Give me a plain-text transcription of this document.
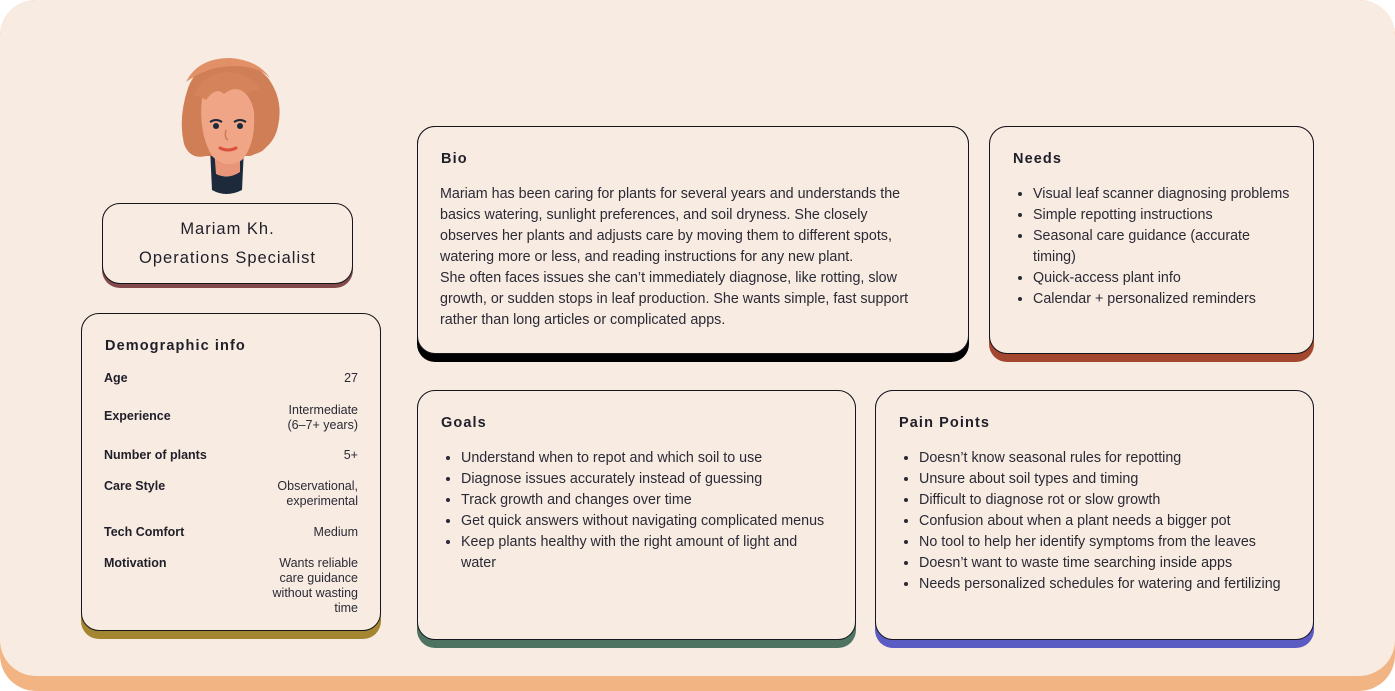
Mariam Kh.
Operations Specialist
Demographic info
Age	27
Experience	Intermediate
(6–7+ years)
Number of plants	5+
Care Style	Observational,
experimental
Tech Comfort	Medium
Motivation	Wants reliable
care guidance
without wasting
time
Bio
Mariam has been caring for plants for several years and understands the
basics watering, sunlight preferences, and soil dryness. She closely
observes her plants and adjusts care by moving them to different spots,
watering more or less, and reading instructions for any new plant.
She often faces issues she can’t immediately diagnose, like rotting, slow
growth, or sudden stops in leaf production. She wants simple, fast support
rather than long articles or complicated apps.
Needs
• Visual leaf scanner diagnosing problems
• Simple repotting instructions
• Seasonal care guidance (accurate timing)
• Quick-access plant info
• Calendar + personalized reminders
Goals
• Understand when to repot and which soil to use
• Diagnose issues accurately instead of guessing
• Track growth and changes over time
• Get quick answers without navigating complicated menus
• Keep plants healthy with the right amount of light and water
Pain Points
• Doesn’t know seasonal rules for repotting
• Unsure about soil types and timing
• Difficult to diagnose rot or slow growth
• Confusion about when a plant needs a bigger pot
• No tool to help her identify symptoms from the leaves
• Doesn’t want to waste time searching inside apps
• Needs personalized schedules for watering and fertilizing
